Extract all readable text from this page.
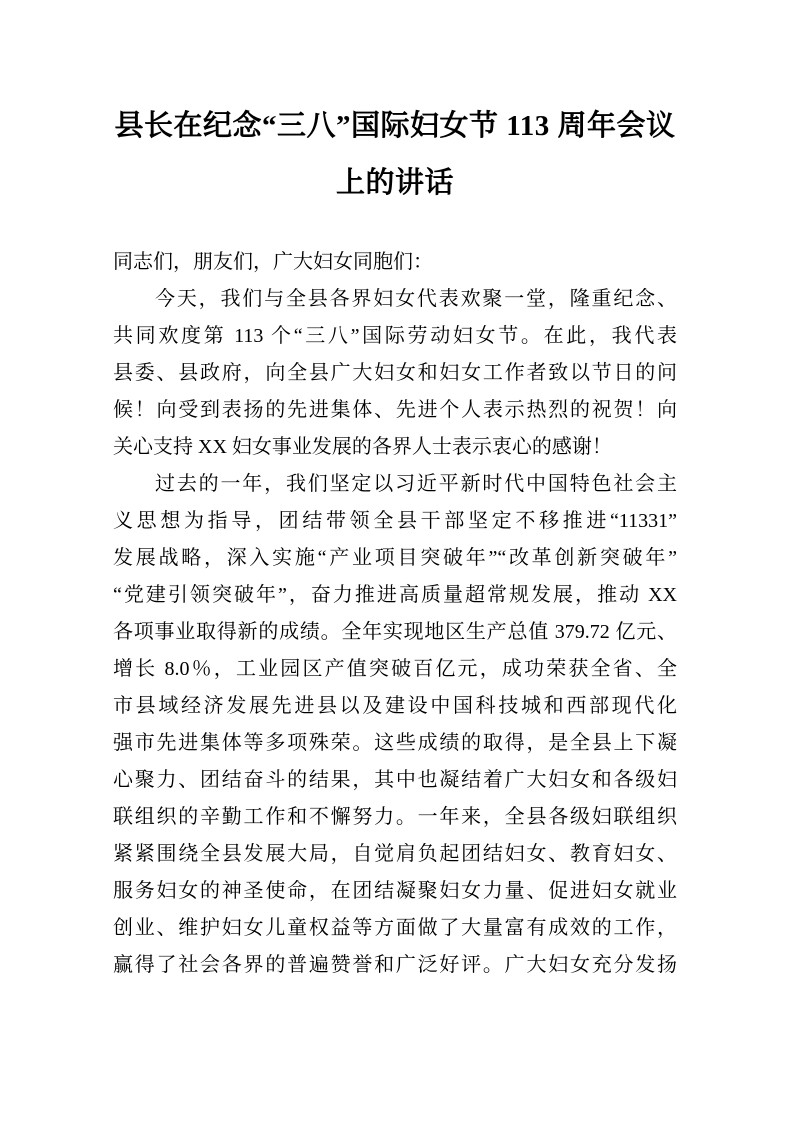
县长在纪念“三八”国际妇女节 113 周年会议
上的讲话
同志们，朋友们，广大妇女同胞们：
今天，我们与全县各界妇女代表欢聚一堂，隆重纪念、
共同欢度第 113 个“三八”国际劳动妇女节。在此，我代表
县委、县政府，向全县广大妇女和妇女工作者致以节日的问
候！向受到表扬的先进集体、先进个人表示热烈的祝贺！向
关心支持 XX 妇女事业发展的各界人士表示衷心的感谢！
过去的一年，我们坚定以习近平新时代中国特色社会主
义思想为指导，团结带领全县干部坚定不移推进“11331”
发展战略，深入实施“产业项目突破年”“改革创新突破年”
“党建引领突破年”，奋力推进高质量超常规发展，推动 XX
各项事业取得新的成绩。全年实现地区生产总值 379.72 亿元、
增长 8.0％，工业园区产值突破百亿元，成功荣获全省、全
市县域经济发展先进县以及建设中国科技城和西部现代化
强市先进集体等多项殊荣。这些成绩的取得，是全县上下凝
心聚力、团结奋斗的结果，其中也凝结着广大妇女和各级妇
联组织的辛勤工作和不懈努力。一年来，全县各级妇联组织
紧紧围绕全县发展大局，自觉肩负起团结妇女、教育妇女、
服务妇女的神圣使命，在团结凝聚妇女力量、促进妇女就业
创业、维护妇女儿童权益等方面做了大量富有成效的工作，
赢得了社会各界的普遍赞誉和广泛好评。广大妇女充分发扬
